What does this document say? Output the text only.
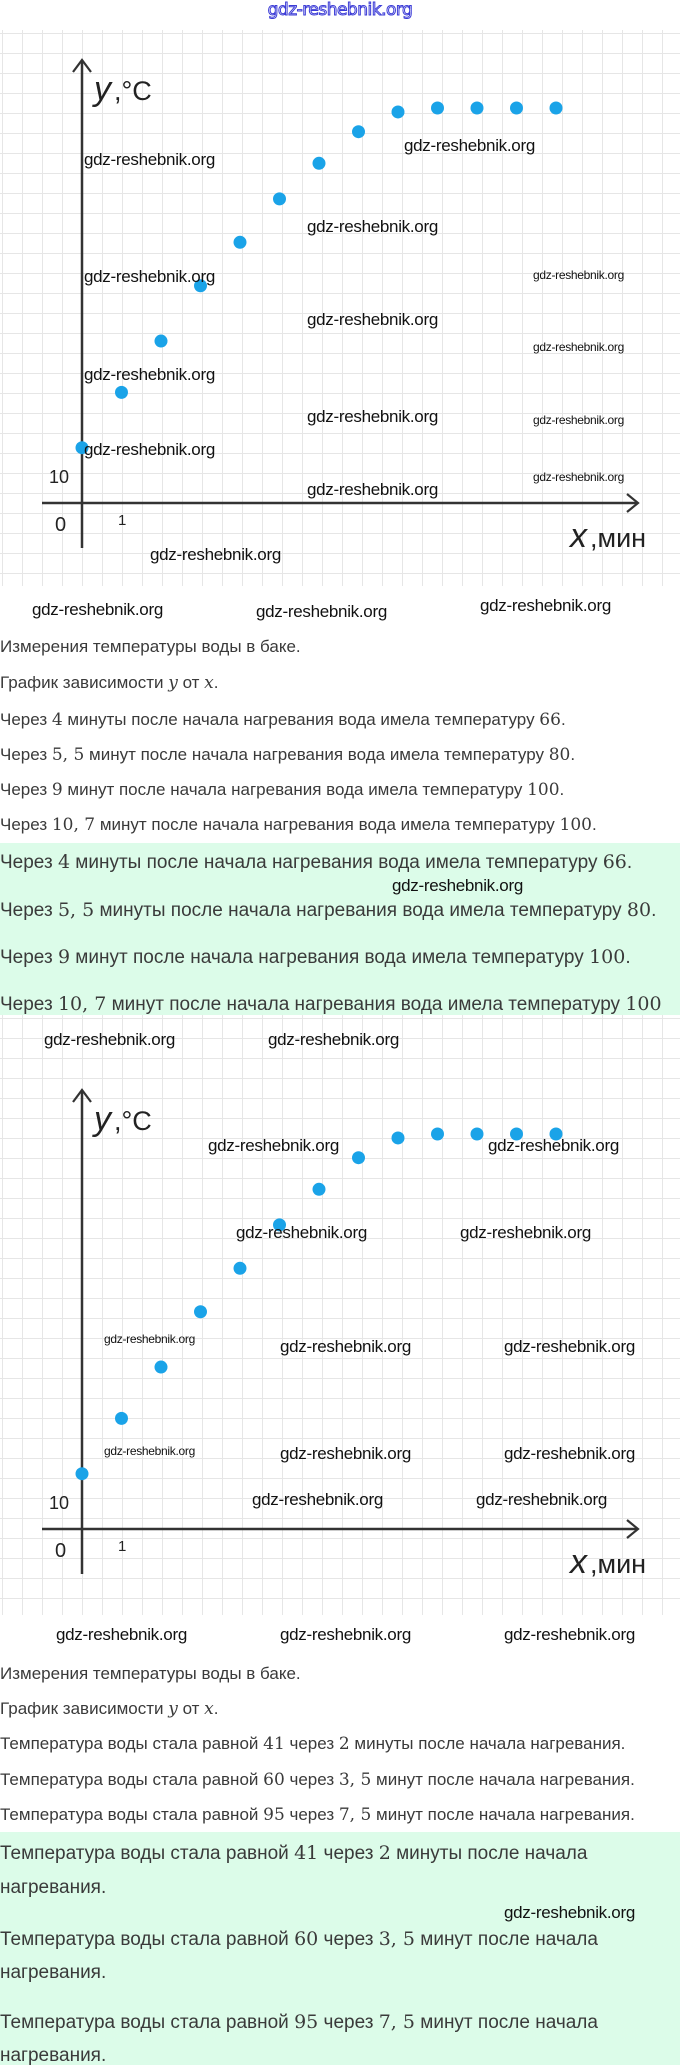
gdz-reshebnik.org
y ,°C
x ,мин
0
10
1
Измерения температуры воды в баке.
График зависимости y от x.
Через 4 минуты после начала нагревания вода имела температуру 66.
Через 5, 5 минут после начала нагревания вода имела температуру 80.
Через 9 минут после начала нагревания вода имела температуру 100.
Через 10, 7 минут после начала нагревания вода имела температуру 100.
Через 4 минуты после начала нагревания вода имела температуру 66.
Через 5, 5 минуты после начала нагревания вода имела температуру 80.
Через 9 минут после начала нагревания вода имела температуру 100.
Через 10, 7 минут после начала нагревания вода имела температуру 100
y ,°C
x ,мин
0
10
1
Измерения температуры воды в баке.
График зависимости y от x.
Температура воды стала равной 41 через 2 минуты после начала нагревания.
Температура воды стала равной 60 через 3, 5 минут после начала нагревания.
Температура воды стала равной 95 через 7, 5 минут после начала нагревания.
Температура воды стала равной 41 через 2 минуты после начала
нагревания.
Температура воды стала равной 60 через 3, 5 минут после начала
нагревания.
Температура воды стала равной 95 через 7, 5 минут после начала
нагревания.
gdz-reshebnik.org
gdz-reshebnik.org
gdz-reshebnik.org
gdz-reshebnik.org
gdz-reshebnik.org
gdz-reshebnik.org
gdz-reshebnik.org
gdz-reshebnik.org
gdz-reshebnik.org
gdz-reshebnik.org
gdz-reshebnik.org
gdz-reshebnik.org
gdz-reshebnik.org
gdz-reshebnik.org
gdz-reshebnik.org	gdz-reshebnik.org	gdz-reshebnik.org
gdz-reshebnik.org
gdz-reshebnik.org	gdz-reshebnik.org
gdz-reshebnik.org	gdz-reshebnik.org
gdz-reshebnik.org	gdz-reshebnik.org
gdz-reshebnik.org	gdz-reshebnik.org	gdz-reshebnik.org
gdz-reshebnik.org	gdz-reshebnik.org	gdz-reshebnik.org
gdz-reshebnik.org	gdz-reshebnik.org
gdz-reshebnik.org	gdz-reshebnik.org	gdz-reshebnik.org
gdz-reshebnik.org
